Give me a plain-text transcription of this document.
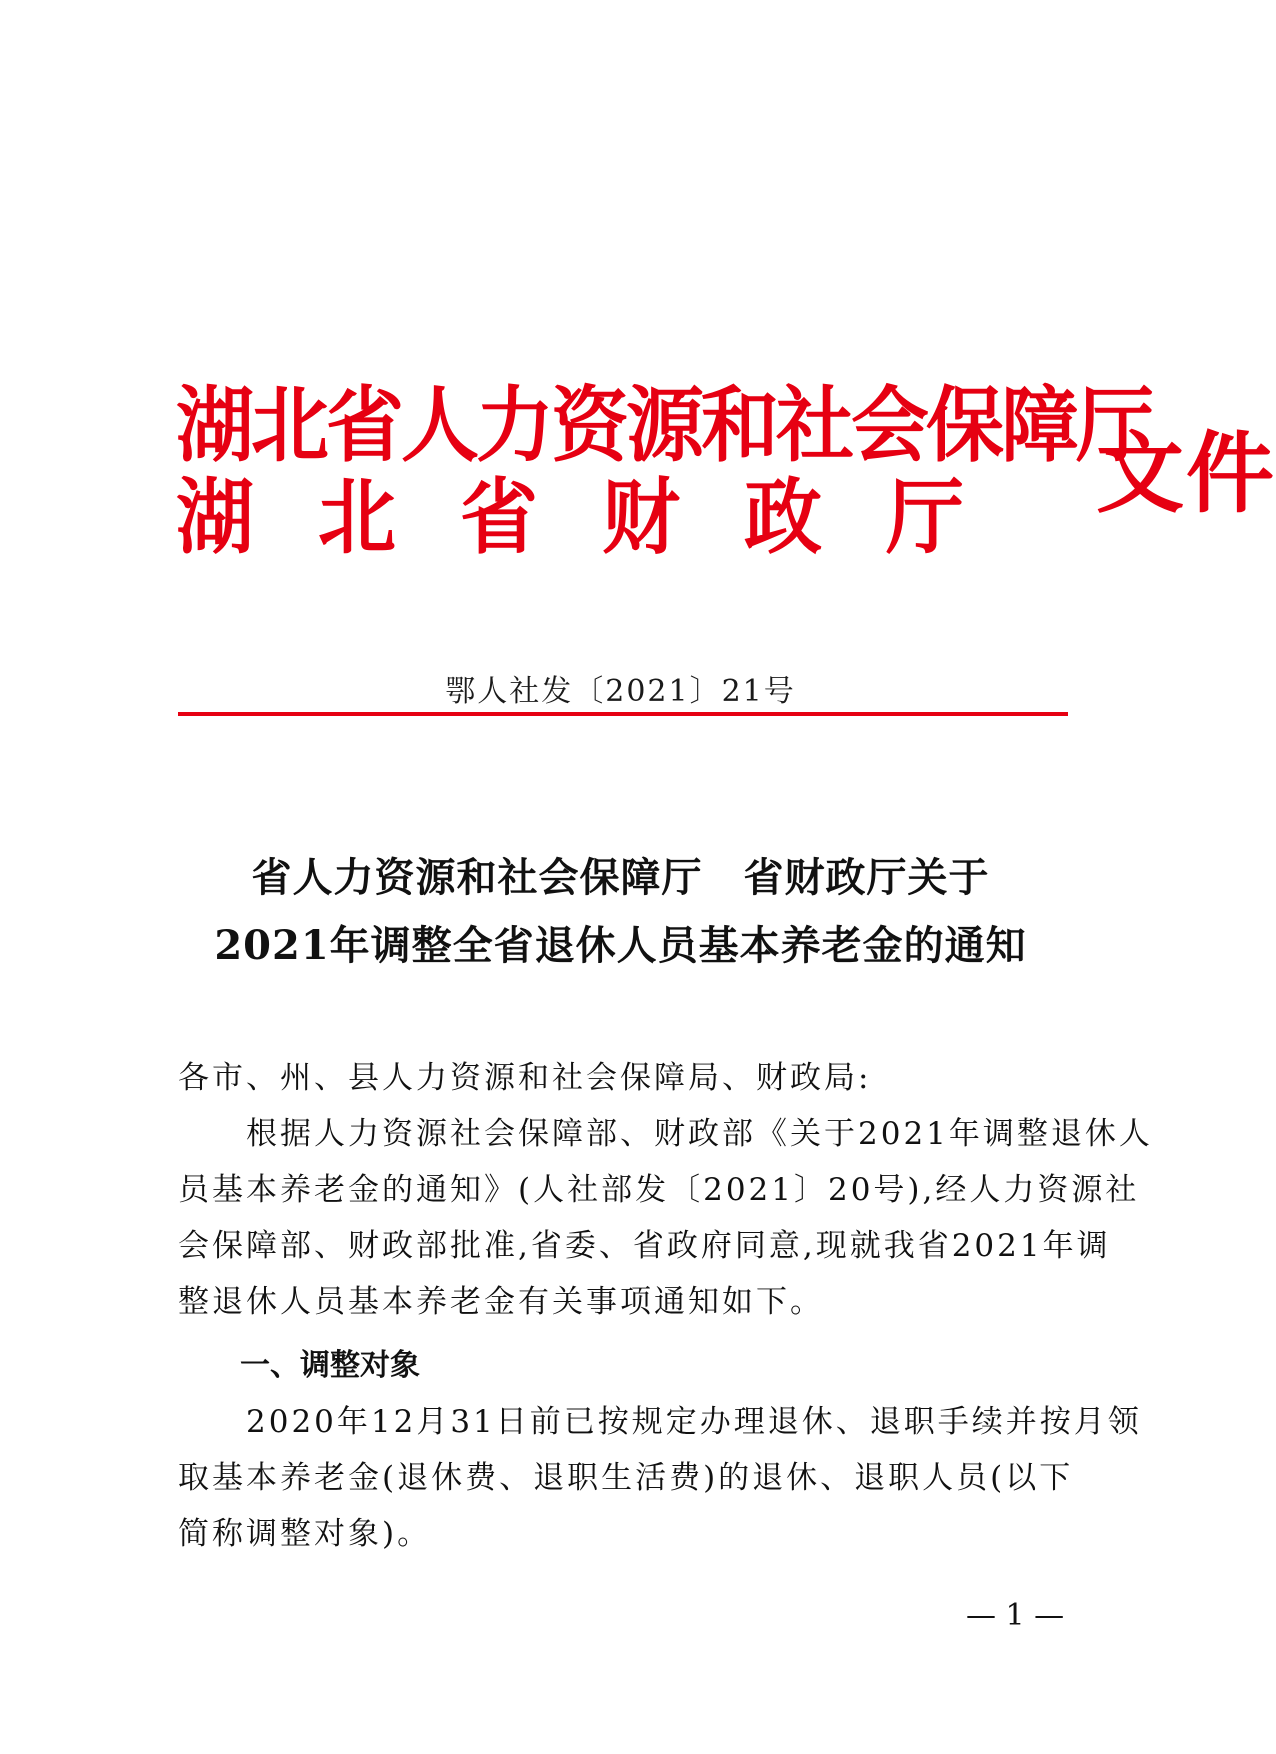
湖北省人力资源和社会保障厅
湖北省财政厅 文件
鄂人社发〔2021〕21号
省人力资源和社会保障厅　省财政厅关于
2021年调整全省退休人员基本养老金的通知
各市、州、县人力资源和社会保障局、财政局:
　　根据人力资源社会保障部、财政部《关于2021年调整退休人
员基本养老金的通知》(人社部发〔2021〕20号),经人力资源社
会保障部、财政部批准,省委、省政府同意,现就我省2021年调
整退休人员基本养老金有关事项通知如下。
一、调整对象
　　2020年12月31日前已按规定办理退休、退职手续并按月领
取基本养老金(退休费、退职生活费)的退休、退职人员(以下
简称调整对象)。
— 1 —
